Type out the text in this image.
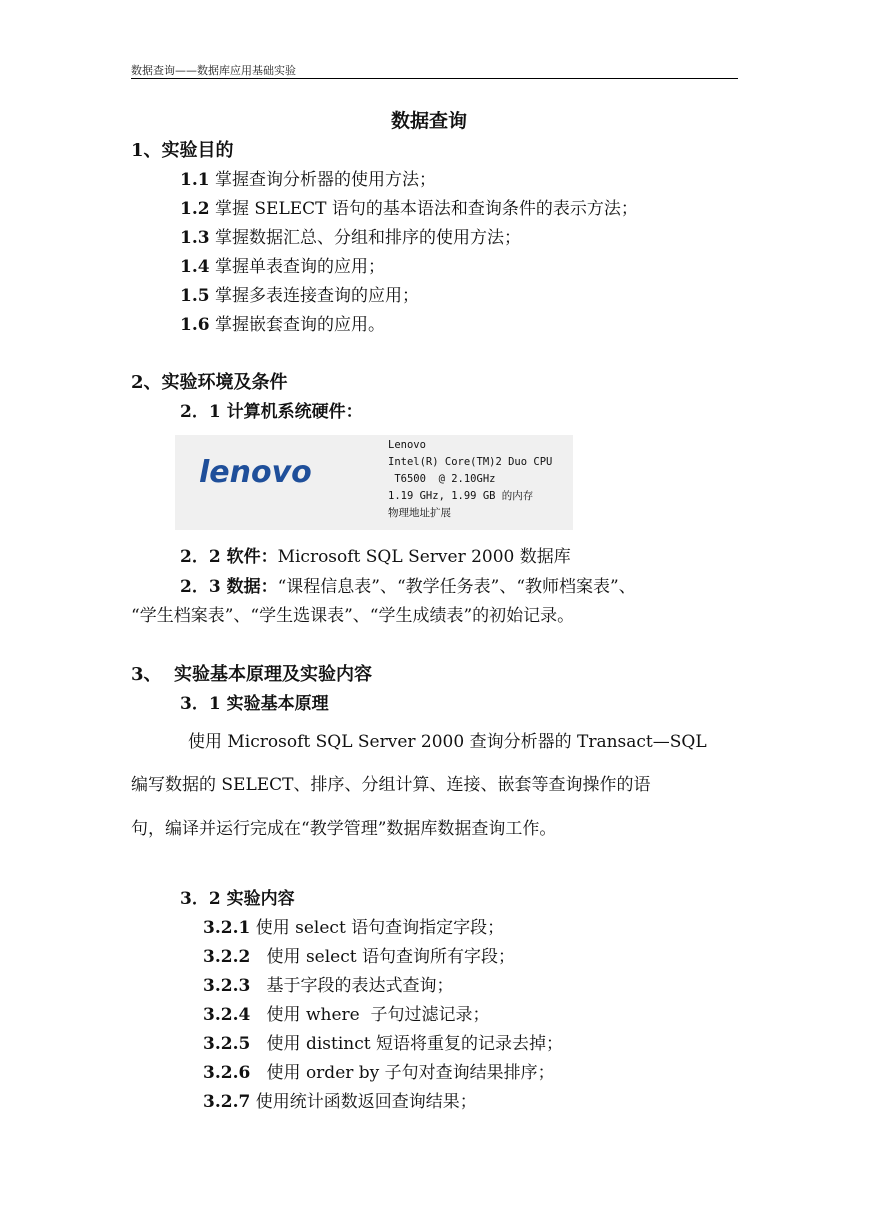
数据查询——数据库应用基础实验
数据查询
1、实验目的
1.1 掌握查询分析器的使用方法；
1.2 掌握 SELECT 语句的基本语法和查询条件的表示方法；
1.3 掌握数据汇总、分组和排序的使用方法；
1.4 掌握单表查询的应用；
1.5 掌握多表连接查询的应用；
1.6 掌握嵌套查询的应用。
2、实验环境及条件
2．1 计算机系统硬件：
lenovo
Lenovo
Intel(R) Core(TM)2 Duo CPU
T6500  @ 2.10GHz
1.19 GHz, 1.99 GB 的内存
物理地址扩展
2．2 软件：Microsoft SQL Server 2000 数据库
2．3 数据：“课程信息表”、“教学任务表”、“教师档案表”、
“学生档案表”、“学生选课表”、“学生成绩表”的初始记录。
3、  实验基本原理及实验内容
3．1 实验基本原理
使用 Microsoft SQL Server 2000 查询分析器的 Transact—SQL
编写数据的 SELECT、排序、分组计算、连接、嵌套等查询操作的语
句，编译并运行完成在“教学管理”数据库数据查询工作。
3．2 实验内容
3.2.1 使用 select 语句查询指定字段；
3.2.2 使用 select 语句查询所有字段；
3.2.3 基于字段的表达式查询；
3.2.4 使用 where  子句过滤记录；
3.2.5 使用 distinct 短语将重复的记录去掉；
3.2.6 使用 order by 子句对查询结果排序；
3.2.7 使用统计函数返回查询结果；
